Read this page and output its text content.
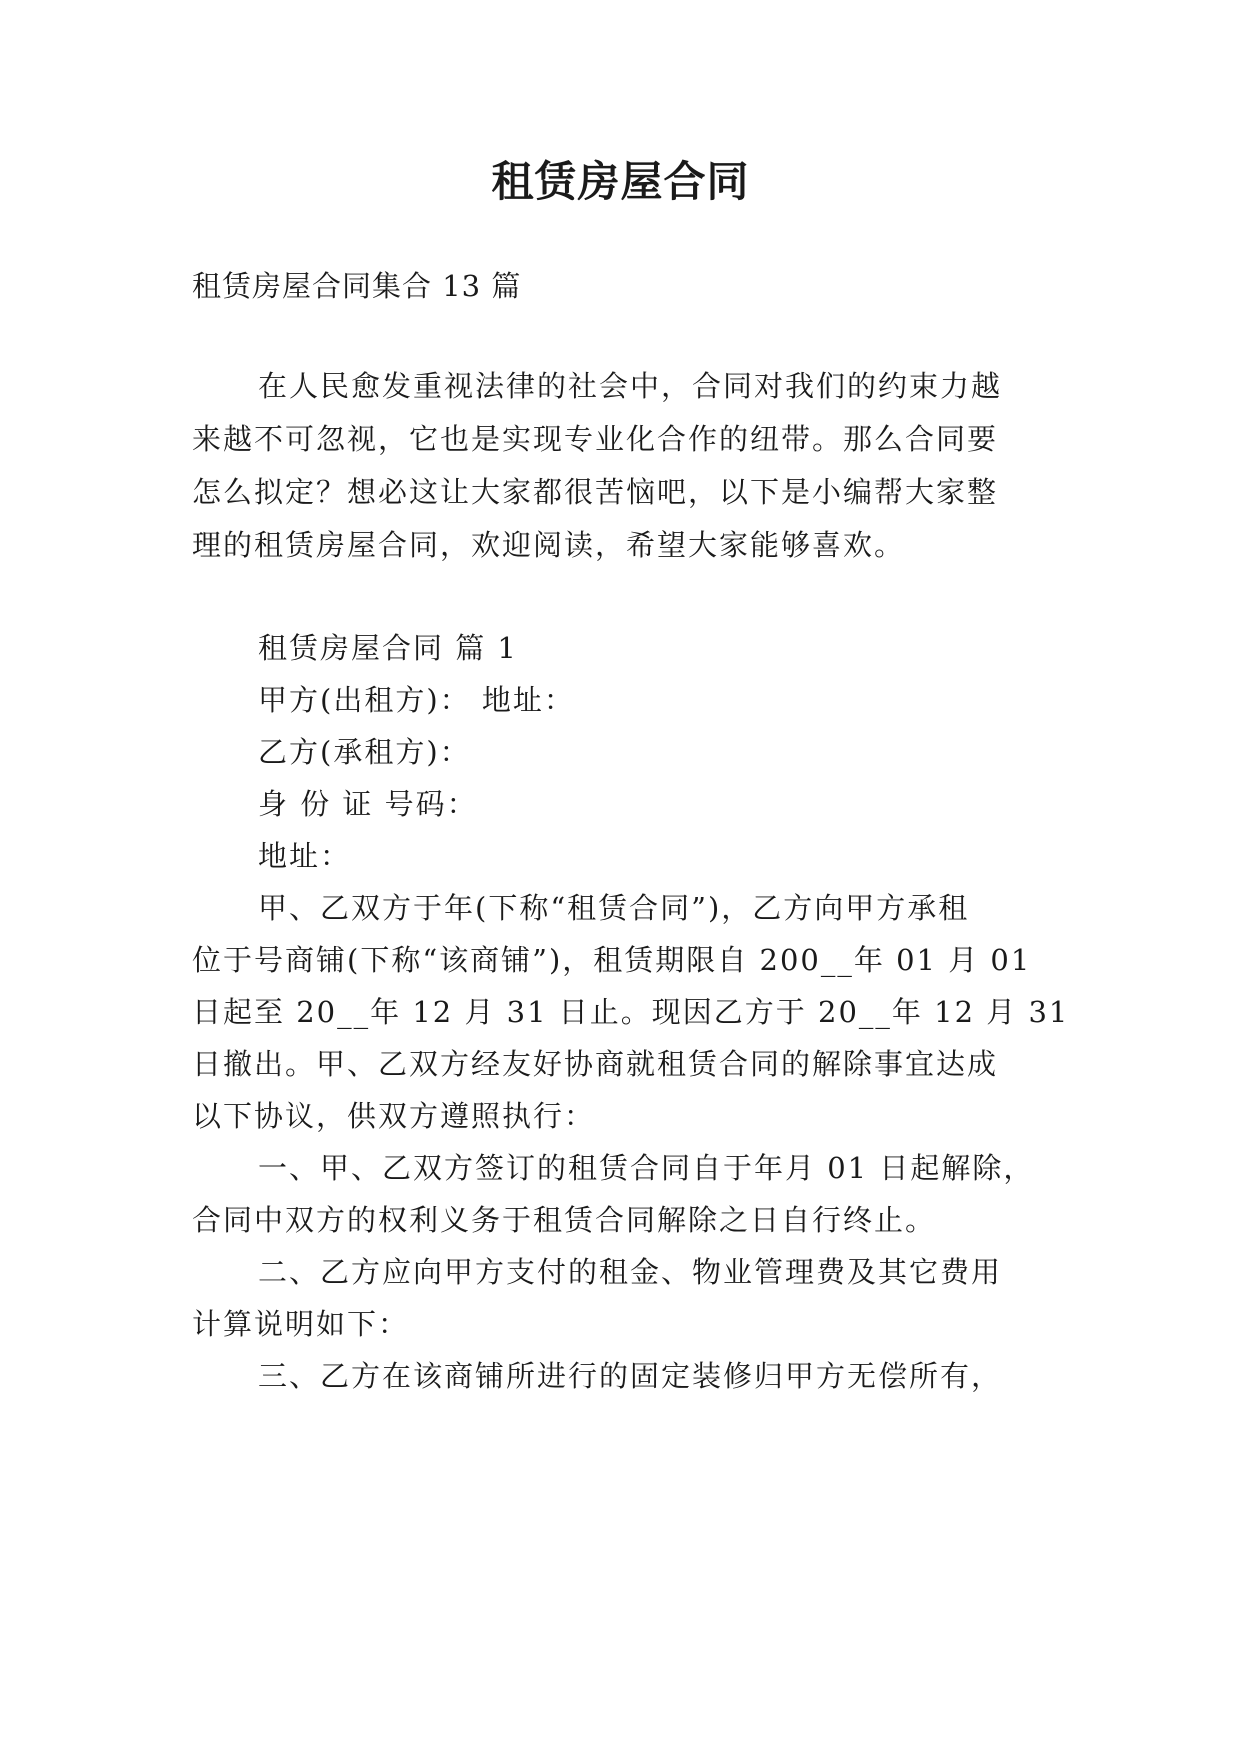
租赁房屋合同
租赁房屋合同集合 13 篇
在人民愈发重视法律的社会中，合同对我们的约束力越
来越不可忽视，它也是实现专业化合作的纽带。那么合同要
怎么拟定？想必这让大家都很苦恼吧，以下是小编帮大家整
理的租赁房屋合同，欢迎阅读，希望大家能够喜欢。
租赁房屋合同 篇 1
甲方(出租方)： 地址：
乙方(承租方)：
身 份 证 号码：
地址：
甲、乙双方于年(下称“租赁合同”)，乙方向甲方承租
位于号商铺(下称“该商铺”)，租赁期限自 200__年 01 月 01
日起至 20__年 12 月 31 日止。现因乙方于 20__年 12 月 31
日撤出。甲、乙双方经友好协商就租赁合同的解除事宜达成
以下协议，供双方遵照执行：
一、甲、乙双方签订的租赁合同自于年月 01 日起解除，
合同中双方的权利义务于租赁合同解除之日自行终止。
二、乙方应向甲方支付的租金、物业管理费及其它费用
计算说明如下：
三、乙方在该商铺所进行的固定装修归甲方无偿所有，
